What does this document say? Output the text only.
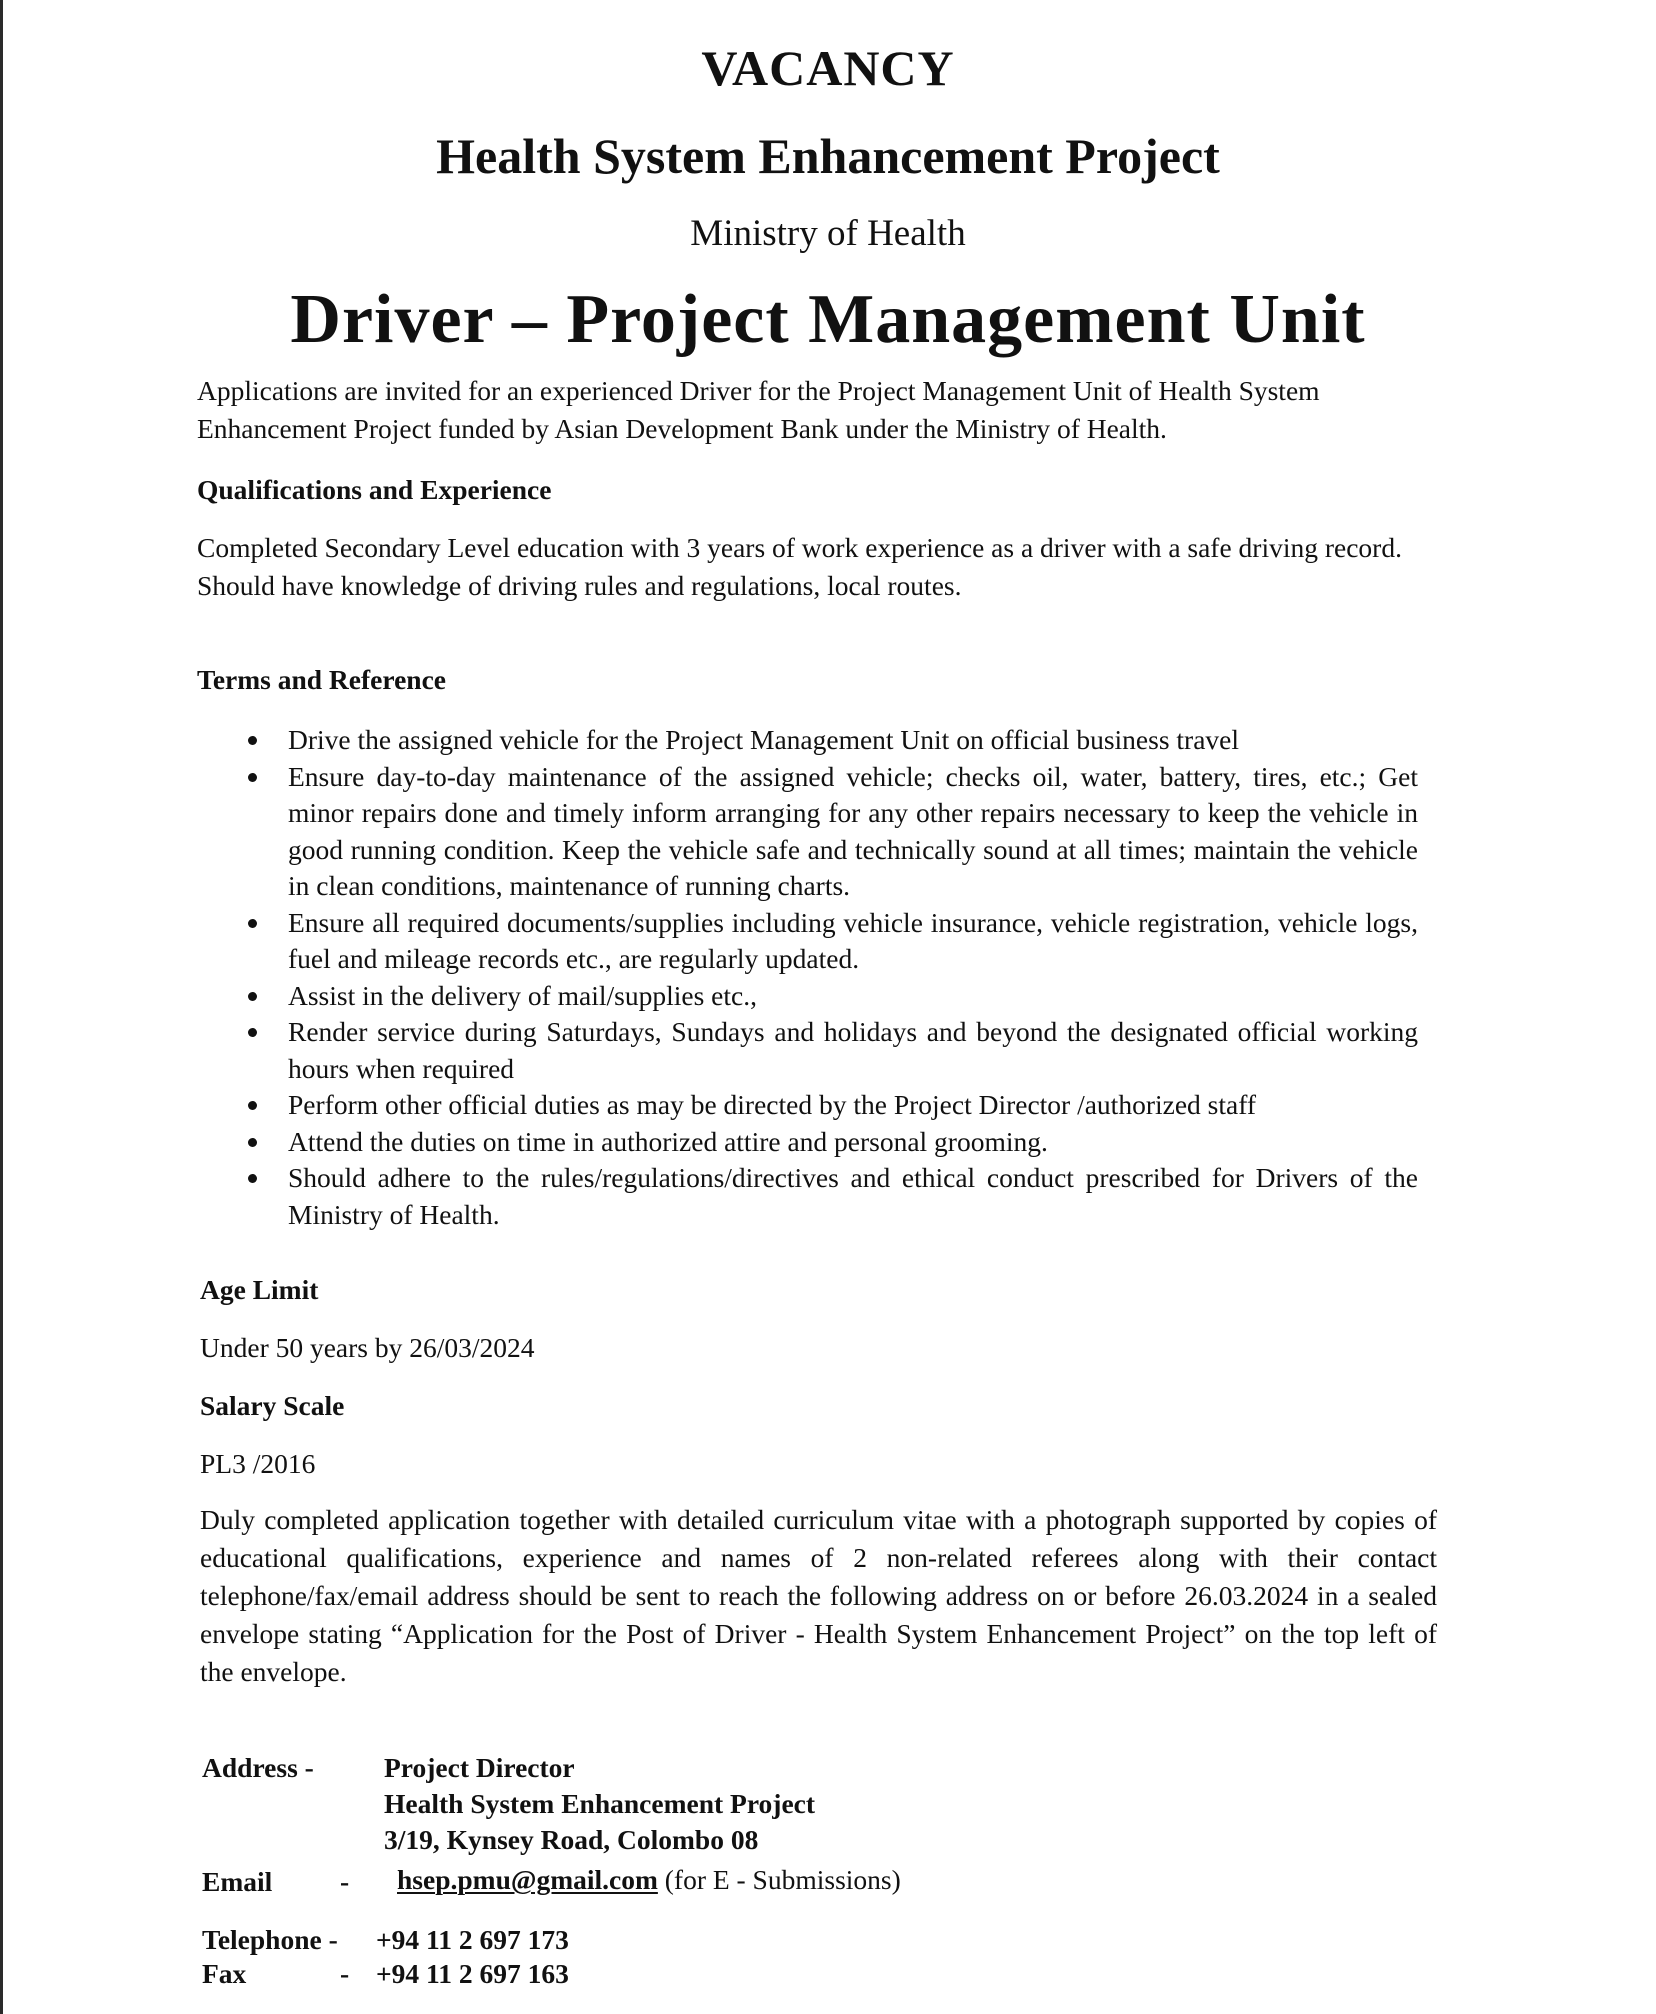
VACANCY
Health System Enhancement Project
Ministry of Health
Driver – Project Management Unit
Applications are invited for an experienced Driver for the Project Management Unit of Health System Enhancement Project funded by Asian Development Bank under the Ministry of Health.
Qualifications and Experience
Completed Secondary Level education with 3 years of work experience as a driver with a safe driving record. Should have knowledge of driving rules and regulations, local routes.
Terms and Reference
Drive the assigned vehicle for the Project Management Unit on official business travel
Ensure day-to-day maintenance of the assigned vehicle; checks oil, water, battery, tires, etc.; Get minor repairs done and timely inform arranging for any other repairs necessary to keep the vehicle in good running condition. Keep the vehicle safe and technically sound at all times; maintain the vehicle in clean conditions, maintenance of running charts.
Ensure all required documents/supplies including vehicle insurance, vehicle registration, vehicle logs, fuel and mileage records etc., are regularly updated.
Assist in the delivery of mail/supplies etc.,
Render service during Saturdays, Sundays and holidays and beyond the designated official working hours when required
Perform other official duties as may be directed by the Project Director /authorized staff
Attend the duties on time in authorized attire and personal grooming.
Should adhere to the rules/regulations/directives and ethical conduct prescribed for Drivers of the Ministry of Health.
Age Limit
Under 50 years by 26/03/2024
Salary Scale
PL3 /2016
Duly completed application together with detailed curriculum vitae with a photograph supported by copies of educational qualifications, experience and names of 2 non-related referees along with their contact telephone/fax/email address should be sent to reach the following address on or before 26.03.2024 in a sealed envelope stating “Application for the Post of Driver - Health System Enhancement Project” on the top left of the envelope.
Address -	Project Director
Health System Enhancement Project
3/19, Kynsey Road, Colombo 08
Email - hsep.pmu@gmail.com (for E - Submissions)
Telephone - +94 11 2 697 173
Fax	- +94 11 2 697 163
